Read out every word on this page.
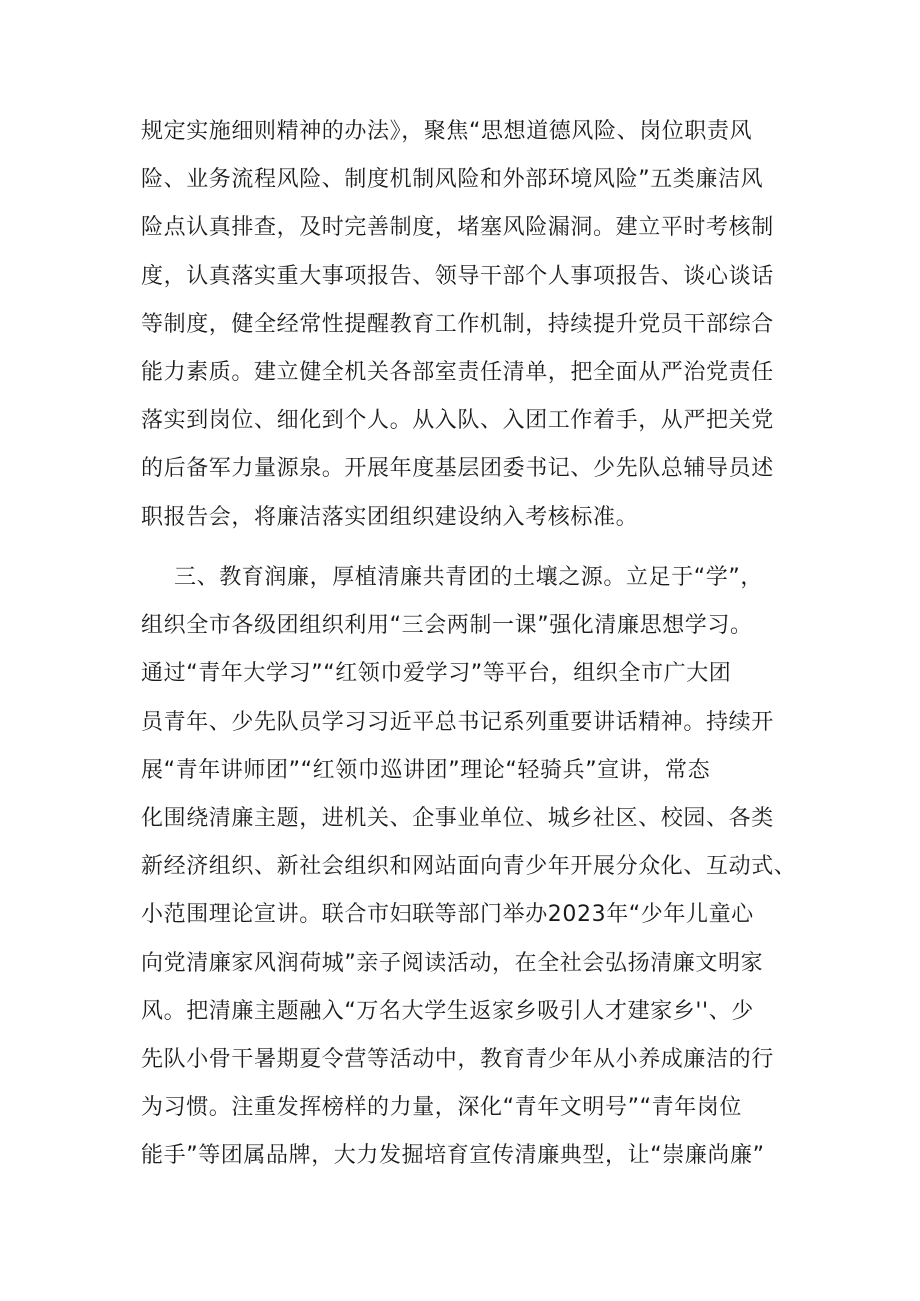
规定实施细则精神的办法》，聚焦“思想道德风险、岗位职责风
险、业务流程风险、制度机制风险和外部环境风险”五类廉洁风
险点认真排查，及时完善制度，堵塞风险漏洞。建立平时考核制
度，认真落实重大事项报告、领导干部个人事项报告、谈心谈话
等制度，健全经常性提醒教育工作机制，持续提升党员干部综合
能力素质。建立健全机关各部室责任清单，把全面从严治党责任
落实到岗位、细化到个人。从入队、入团工作着手，从严把关党
的后备军力量源泉。开展年度基层团委书记、少先队总辅导员述
职报告会，将廉洁落实团组织建设纳入考核标准。
三、教育润廉，厚植清廉共青团的土壤之源。立足于“学”，
组织全市各级团组织利用“三会两制一课”强化清廉思想学习。
通过“青年大学习”“红领巾爱学习”等平台，组织全市广大团
员青年、少先队员学习习近平总书记系列重要讲话精神。持续开
展“青年讲师团”“红领巾巡讲团”理论“轻骑兵”宣讲，常态
化围绕清廉主题，进机关、企事业单位、城乡社区、校园、各类
新经济组织、新社会组织和网站面向青少年开展分众化、互动式、
小范围理论宣讲。联合市妇联等部门举办2023年“少年儿童心
向党清廉家风润荷城”亲子阅读活动，在全社会弘扬清廉文明家
风。把清廉主题融入“万名大学生返家乡吸引人才建家乡''、少
先队小骨干暑期夏令营等活动中，教育青少年从小养成廉洁的行
为习惯。注重发挥榜样的力量，深化“青年文明号”“青年岗位
能手”等团属品牌，大力发掘培育宣传清廉典型，让“崇廉尚廉”
